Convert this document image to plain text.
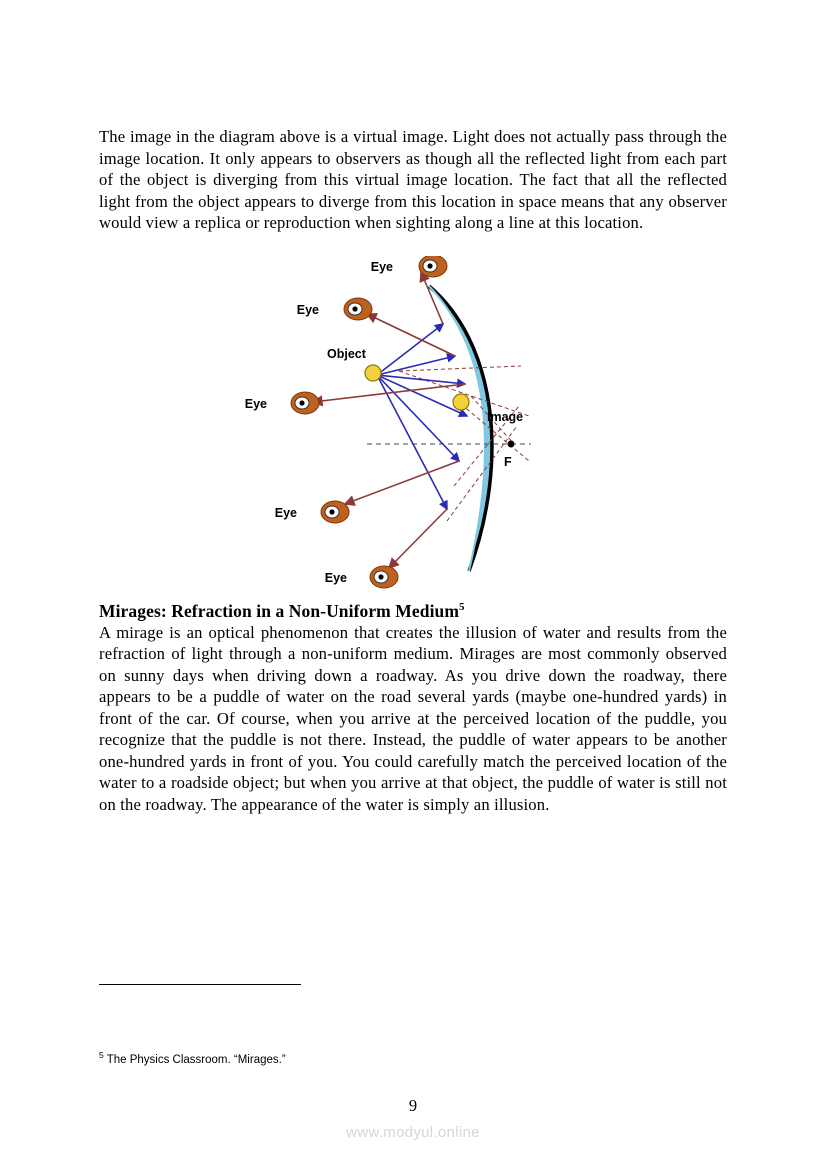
The image in the diagram above is a virtual image. Light does not actually pass through the image location. It only appears to observers as though all the reflected light from each part of the object is diverging from this virtual image location. The fact that all the reflected light from the object appears to diverge from this location in space means that any observer would view a replica or reproduction when sighting along a line at this location.

Eye
Eye
Eye
Eye
Eye
Object
Image
F
Mirages: Refraction in a Non-Uniform Medium$^5$

A mirage is an optical phenomenon that creates the illusion of water and results from the refraction of light through a non-uniform medium. Mirages are most commonly observed on sunny days when driving down a roadway. As you drive down the roadway, there appears to be a puddle of water on the road several yards (maybe one-hundred yards) in front of the car. Of course, when you arrive at the perceived location of the puddle, you recognize that the puddle is not there. Instead, the puddle of water appears to be another one-hundred yards in front of you. You could carefully match the perceived location of the water to a roadside object; but when you arrive at that object, the puddle of water is still not on the roadway. The appearance of the water is simply an illusion.

$^5$ The Physics Classroom. “Mirages.”
9
www.modyul.online
